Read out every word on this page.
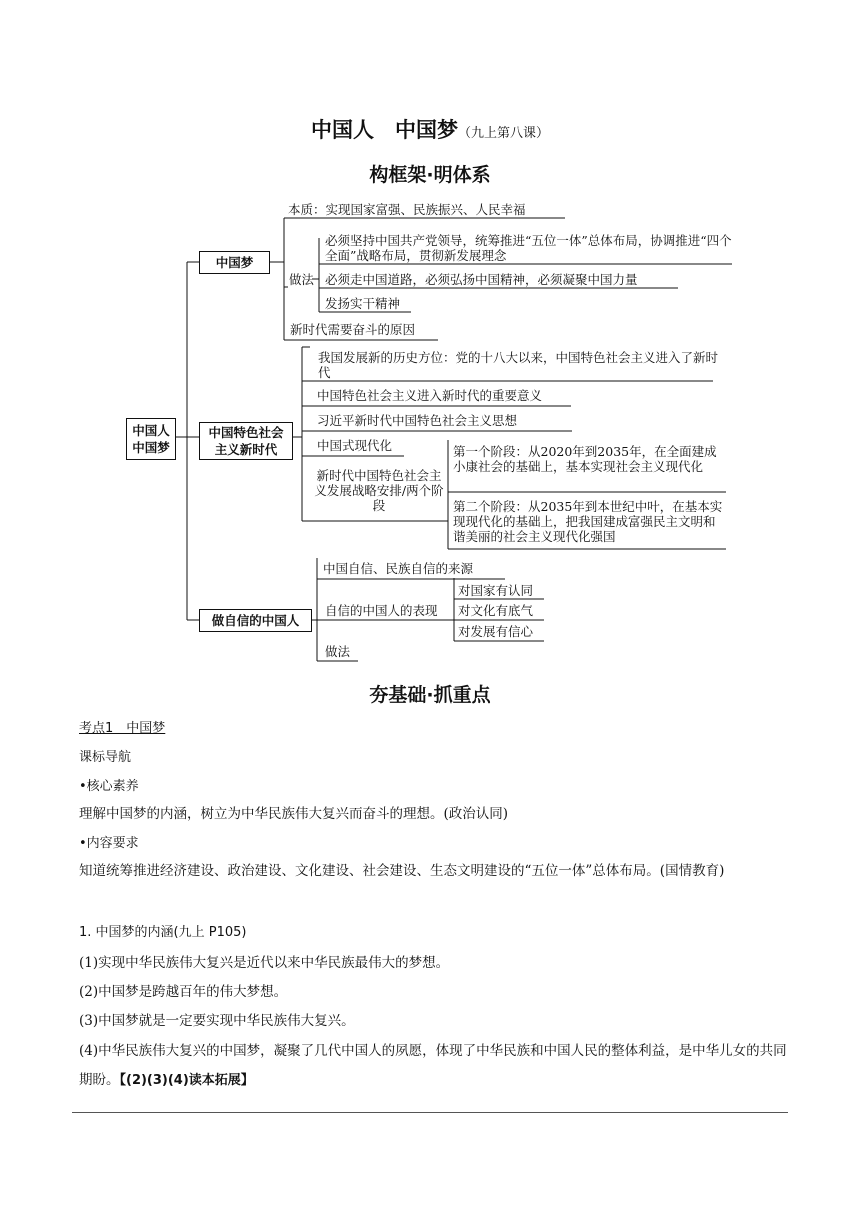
中国人　中国梦（九上第八课）
构框架·明体系
中国人
中国梦
中国梦
中国特色社会
主义新时代
做自信的中国人
本质：实现国家富强、民族振兴、人民幸福
做法
必须坚持中国共产党领导，统筹推进“五位一体”总体布局，协调推进“四个全面”战略布局，贯彻新发展理念
必须走中国道路，必须弘扬中国精神，必须凝聚中国力量
发扬实干精神
新时代需要奋斗的原因
我国发展新的历史方位：党的十八大以来，中国特色社会主义进入了新时代
中国特色社会主义进入新时代的重要意义
习近平新时代中国特色社会主义思想
中国式现代化
新时代中国特色社会主义发展战略安排/两个阶段
第一个阶段：从2020年到2035年，在全面建成小康社会的基础上，基本实现社会主义现代化
第二个阶段：从2035年到本世纪中叶，在基本实现现代化的基础上，把我国建成富强民主文明和谐美丽的社会主义现代化强国
中国自信、民族自信的来源
自信的中国人的表现
对国家有认同
对文化有底气
对发展有信心
做法
夯基础·抓重点
考点1　中国梦
课标导航
•核心素养
理解中国梦的内涵，树立为中华民族伟大复兴而奋斗的理想。(政治认同)
•内容要求
知道统筹推进经济建设、政治建设、文化建设、社会建设、生态文明建设的“五位一体”总体布局。(国情教育)
1. 中国梦的内涵(九上 P105)
(1)实现中华民族伟大复兴是近代以来中华民族最伟大的梦想。
(2)中国梦是跨越百年的伟大梦想。
(3)中国梦就是一定要实现中华民族伟大复兴。
(4)中华民族伟大复兴的中国梦，凝聚了几代中国人的夙愿，体现了中华民族和中国人民的整体利益，是中华儿女的共同期盼。【(2)(3)(4)读本拓展】
